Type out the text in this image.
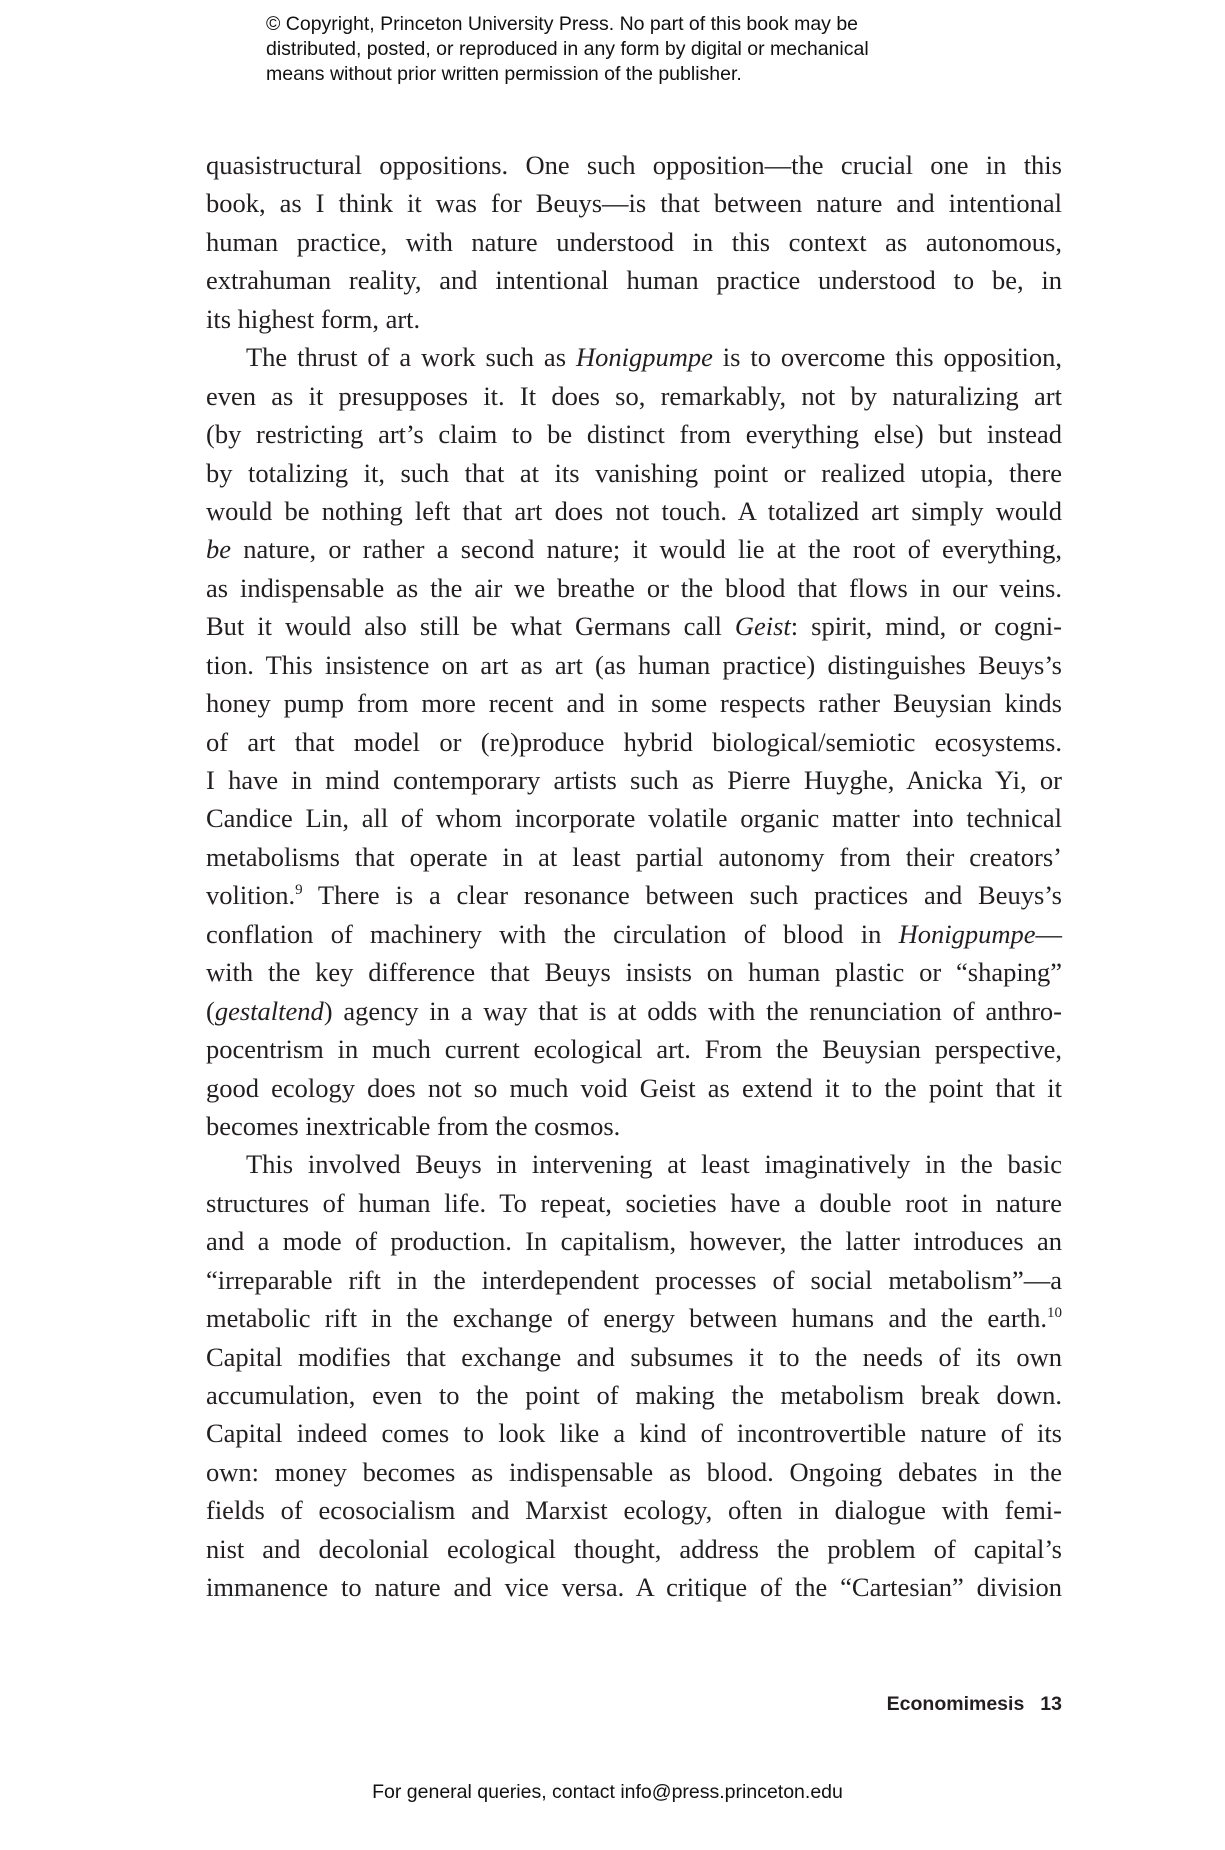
© Copyright, Princeton University Press. No part of this book may be
distributed, posted, or reproduced in any form by digital or mechanical
means without prior written permission of the publisher.
quasistructural oppositions. One such opposition—the crucial one in this
book, as I think it was for Beuys—is that between nature and intentional
human practice, with nature understood in this context as autonomous,
extrahuman reality, and intentional human practice understood to be, in
its highest form, art.
The thrust of a work such as Honigpumpe is to overcome this opposition,
even as it presupposes it. It does so, remarkably, not by naturalizing art
(by restricting art’s claim to be distinct from everything else) but instead
by totalizing it, such that at its vanishing point or realized utopia, there
would be nothing left that art does not touch. A totalized art simply would
be nature, or rather a second nature; it would lie at the root of everything,
as indispensable as the air we breathe or the blood that flows in our veins.
But it would also still be what Germans call Geist: spirit, mind, or cogni-
tion. This insistence on art as art (as human practice) distinguishes Beuys’s
honey pump from more recent and in some respects rather Beuysian kinds
of art that model or (re)produce hybrid biological/semiotic ecosystems.
I have in mind contemporary artists such as Pierre Huyghe, Anicka Yi, or
Candice Lin, all of whom incorporate volatile organic matter into technical
metabolisms that operate in at least partial autonomy from their creators’
volition.$^9$ There is a clear resonance between such practices and Beuys’s
conflation of machinery with the circulation of blood in Honigpumpe—
with the key difference that Beuys insists on human plastic or “shaping”
(gestaltend) agency in a way that is at odds with the renunciation of anthro-
pocentrism in much current ecological art. From the Beuysian perspective,
good ecology does not so much void Geist as extend it to the point that it
becomes inextricable from the cosmos.
This involved Beuys in intervening at least imaginatively in the basic
structures of human life. To repeat, societies have a double root in nature
and a mode of production. In capitalism, however, the latter introduces an
“irreparable rift in the interdependent processes of social metabolism”—a
metabolic rift in the exchange of energy between humans and the earth.$^{10}$
Capital modifies that exchange and subsumes it to the needs of its own
accumulation, even to the point of making the metabolism break down.
Capital indeed comes to look like a kind of incontrovertible nature of its
own: money becomes as indispensable as blood. Ongoing debates in the
fields of ecosocialism and Marxist ecology, often in dialogue with femi-
nist and decolonial ecological thought, address the problem of capital’s
immanence to nature and vice versa. A critique of the “Cartesian” division
Economimesis 13
For general queries, contact info@press.princeton.edu
